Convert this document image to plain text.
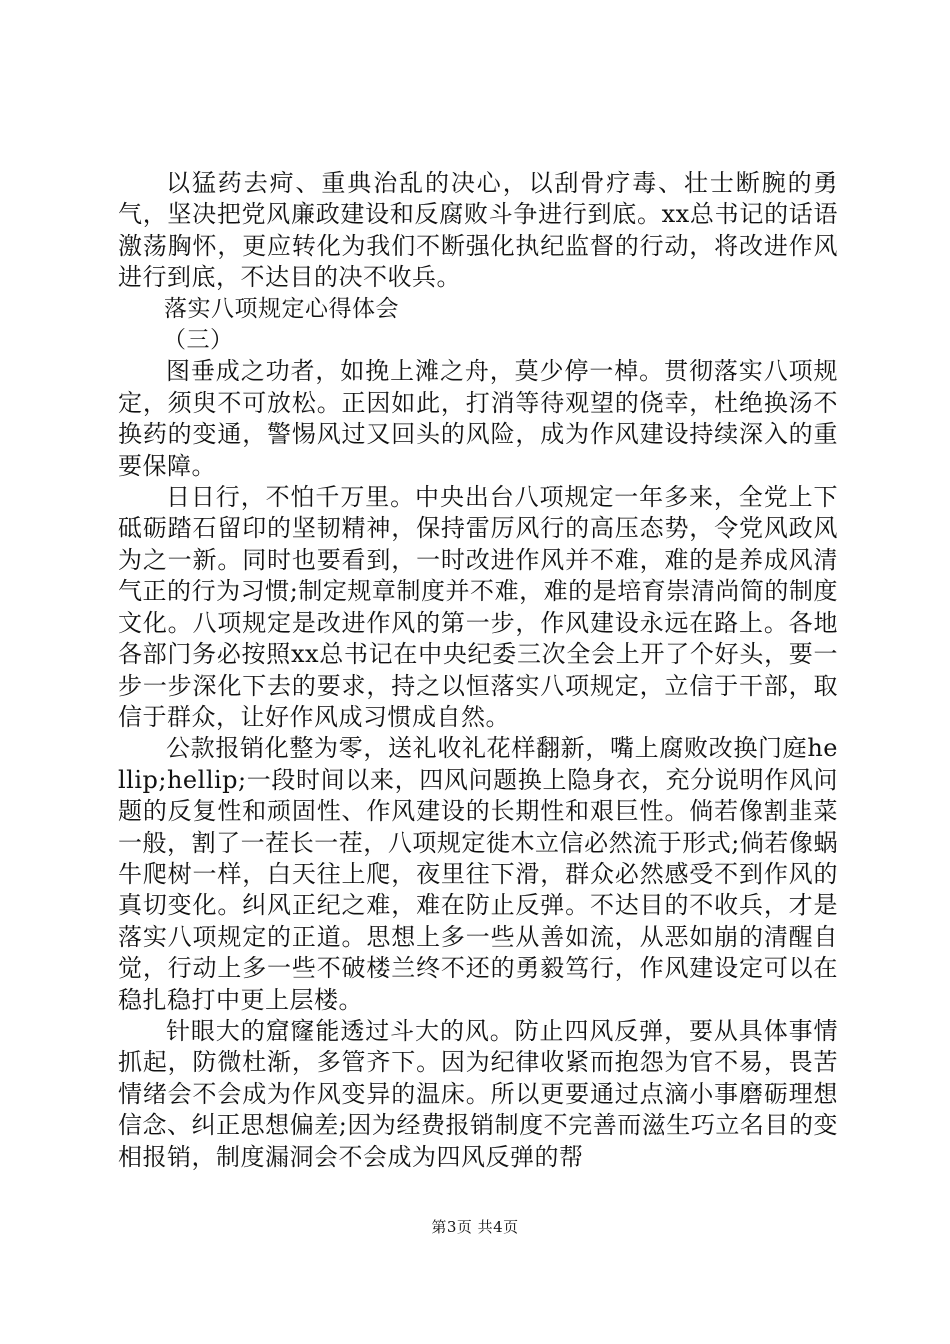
以猛药去疴、重典治乱的决心，以刮骨疗毒、壮士断腕的勇气，坚决把党风廉政建设和反腐败斗争进行到底。xx总书记的话语激荡胸怀，更应转化为我们不断强化执纪监督的行动，将改进作风进行到底，不达目的决不收兵。

落实八项规定心得体会

（三）

图垂成之功者，如挽上滩之舟，莫少停一棹。贯彻落实八项规定，须臾不可放松。正因如此，打消等待观望的侥幸，杜绝换汤不换药的变通，警惕风过又回头的风险，成为作风建设持续深入的重要保障。

日日行，不怕千万里。中央出台八项规定一年多来，全党上下砥砺踏石留印的坚韧精神，保持雷厉风行的高压态势，令党风政风为之一新。同时也要看到，一时改进作风并不难，难的是养成风清气正的行为习惯;制定规章制度并不难，难的是培育崇清尚简的制度文化。八项规定是改进作风的第一步，作风建设永远在路上。各地各部门务必按照xx总书记在中央纪委三次全会上开了个好头，要一步一步深化下去的要求，持之以恒落实八项规定，立信于干部，取信于群众，让好作风成习惯成自然。

公款报销化整为零，送礼收礼花样翻新，嘴上腐败改换门庭hellip;hellip;一段时间以来，四风问题换上隐身衣，充分说明作风问题的反复性和顽固性、作风建设的长期性和艰巨性。倘若像割韭菜一般，割了一茬长一茬，八项规定徙木立信必然流于形式;倘若像蜗牛爬树一样，白天往上爬，夜里往下滑，群众必然感受不到作风的真切变化。纠风正纪之难，难在防止反弹。不达目的不收兵，才是落实八项规定的正道。思想上多一些从善如流，从恶如崩的清醒自觉，行动上多一些不破楼兰终不还的勇毅笃行，作风建设定可以在稳扎稳打中更上层楼。

针眼大的窟窿能透过斗大的风。防止四风反弹，要从具体事情抓起，防微杜渐，多管齐下。因为纪律收紧而抱怨为官不易，畏苦情绪会不会成为作风变异的温床。所以更要通过点滴小事磨砺理想信念、纠正思想偏差;因为经费报销制度不完善而滋生巧立名目的变相报销，制度漏洞会不会成为四风反弹的帮

第3页 共4页
